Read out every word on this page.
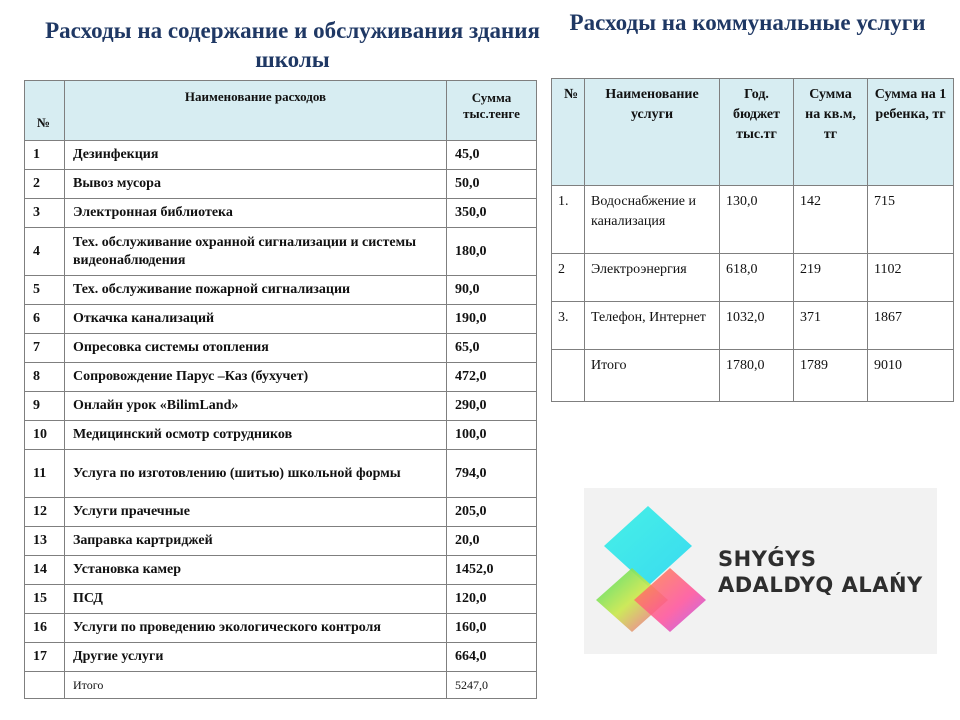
Расходы на содержание и обслуживания здания школы
Расходы на коммунальные услуги
№	Наименование расходов	Сумма тыс.тенге
1	Дезинфекция	45,0
2	Вывоз мусора	50,0
3	Электронная библиотека	350,0
4	Тех. обслуживание охранной сигнализации и системы видеонаблюдения	180,0
5	Тех. обслуживание пожарной сигнализации	90,0
6	Откачка канализаций	190,0
7	Опресовка системы отопления	65,0
8	Сопровождение Парус –Каз (бухучет)	472,0
9	Онлайн урок «BilimLand»	290,0
10	Медицинский осмотр сотрудников	100,0
11	Услуга по изготовлению (шитью) школьной формы	794,0
12	Услуги прачечные	205,0
13	Заправка картриджей	20,0
14	Установка камер	1452,0
15	ПСД	120,0
16	Услуги по проведению экологического контроля	160,0
17	Другие услуги	664,0
	Итого	5247,0
№	Наименование услуги	Год. бюджет тыс.тг	Сумма на кв.м, тг	Сумма на 1 ребенка, тг
1.	Водоснабжение и канализация	130,0	142	715
2	Электроэнергия	618,0	219	1102
3.	Телефон, Интернет	1032,0	371	1867
	Итого	1780,0	1789	9010
SHYǴYS
ADALDYQ ALAŃY
